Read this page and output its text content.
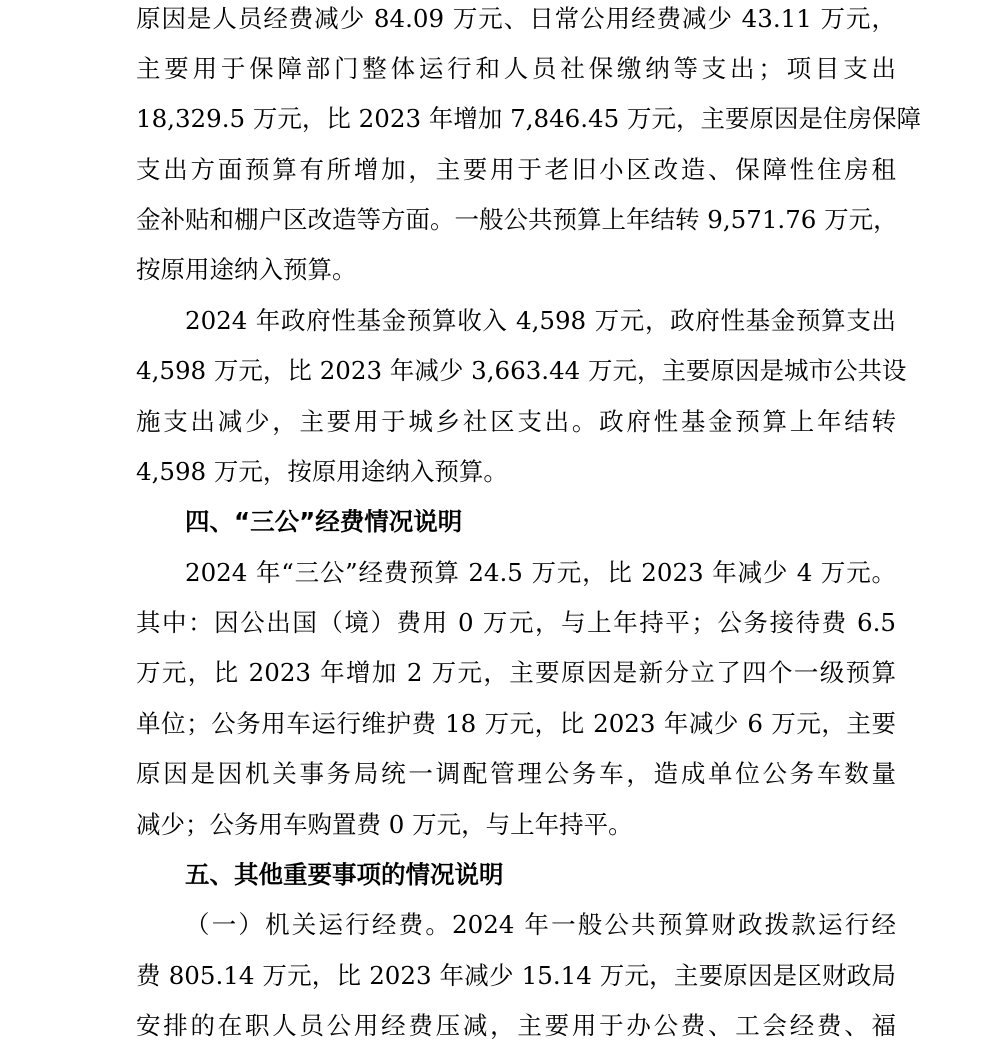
原因是人员经费减少 84.09 万元、日常公用经费减少 43.11 万元，
主要用于保障部门整体运行和人员社保缴纳等支出；项目支出
18,329.5 万元，比 2023 年增加 7,846.45 万元，主要原因是住房保障
支出方面预算有所增加，主要用于老旧小区改造、保障性住房租
金补贴和棚户区改造等方面。一般公共预算上年结转 9,571.76 万元，
按原用途纳入预算。
2024 年政府性基金预算收入 4,598 万元，政府性基金预算支出
4,598 万元，比 2023 年减少 3,663.44 万元，主要原因是城市公共设
施支出减少，主要用于城乡社区支出。政府性基金预算上年结转
4,598 万元，按原用途纳入预算。
四、“三公”经费情况说明
2024 年“三公”经费预算 24.5 万元，比 2023 年减少 4 万元。
其中：因公出国（境）费用 0 万元，与上年持平；公务接待费 6.5
万元，比 2023 年增加 2 万元，主要原因是新分立了四个一级预算
单位；公务用车运行维护费 18 万元，比 2023 年减少 6 万元，主要
原因是因机关事务局统一调配管理公务车，造成单位公务车数量
减少；公务用车购置费 0 万元，与上年持平。
五、其他重要事项的情况说明
（一）机关运行经费。2024 年一般公共预算财政拨款运行经
费 805.14 万元，比 2023 年减少 15.14 万元，主要原因是区财政局
安排的在职人员公用经费压减，主要用于办公费、工会经费、福
